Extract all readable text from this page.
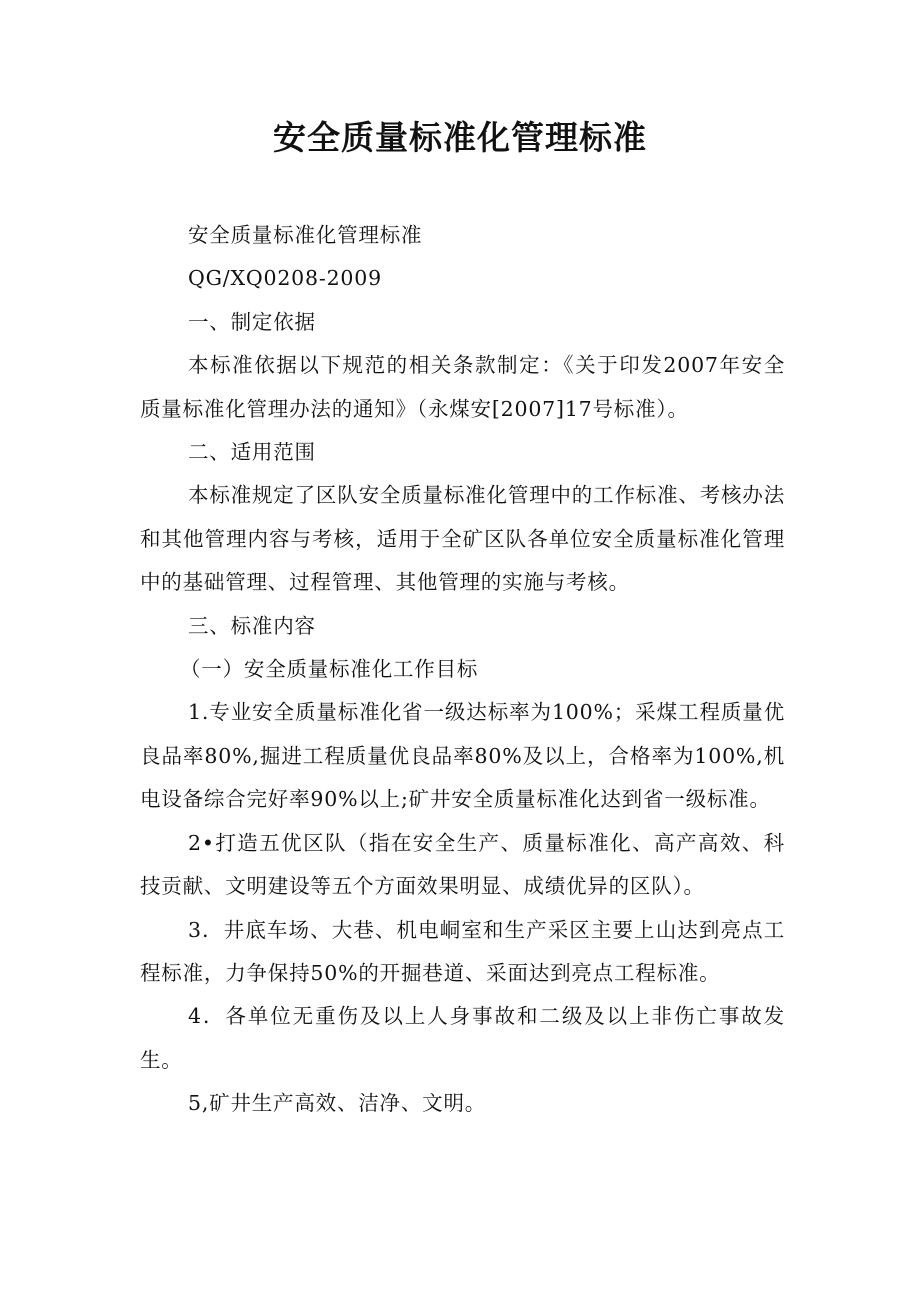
安全质量标准化管理标准

安全质量标准化管理标准

QG/XQ0208-2009

一、制定依据

本标准依据以下规范的相关条款制定：《关于印发2007年安全质量标准化管理办法的通知》（永煤安[2007]17号标准）。

二、适用范围

本标准规定了区队安全质量标准化管理中的工作标准、考核办法和其他管理内容与考核，适用于全矿区队各单位安全质量标准化管理中的基础管理、过程管理、其他管理的实施与考核。

三、标准内容

（一）安全质量标准化工作目标

1.专业安全质量标准化省一级达标率为100%；采煤工程质量优良品率80%,掘进工程质量优良品率80%及以上，合格率为100%,机电设备综合完好率90%以上;矿井安全质量标准化达到省一级标准。

2•打造五优区队（指在安全生产、质量标准化、高产高效、科技贡献、文明建设等五个方面效果明显、成绩优异的区队）。

3．井底车场、大巷、机电峒室和生产采区主要上山达到亮点工程标准，力争保持50%的开掘巷道、采面达到亮点工程标准。

4．各单位无重伤及以上人身事故和二级及以上非伤亡事故发生。

5,矿井生产高效、洁净、文明。
